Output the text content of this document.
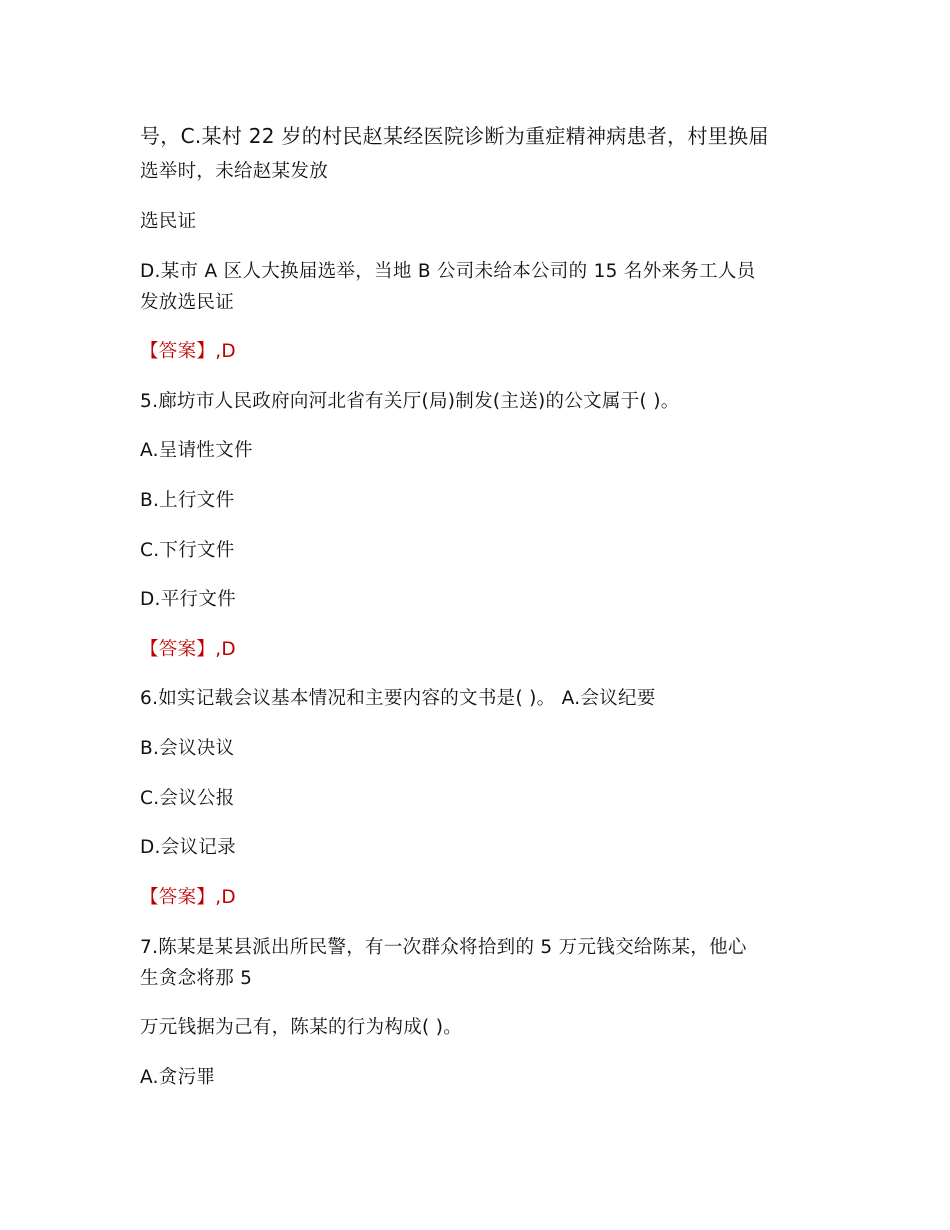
号，C.某村 22 岁的村民赵某经医院诊断为重症精神病患者，村里换届
选举时，未给赵某发放
选民证
D.某市 A 区人大换届选举，当地 B 公司未给本公司的 15 名外来务工人员
发放选民证
【答案】,D
5.廊坊市人民政府向河北省有关厅(局)制发(主送)的公文属于( )。
A.呈请性文件
B.上行文件
C.下行文件
D.平行文件
【答案】,D
6.如实记载会议基本情况和主要内容的文书是( )。 A.会议纪要
B.会议决议
C.会议公报
D.会议记录
【答案】,D
7.陈某是某县派出所民警，有一次群众将拾到的 5 万元钱交给陈某，他心
生贪念将那 5
万元钱据为己有，陈某的行为构成( )。
A.贪污罪
